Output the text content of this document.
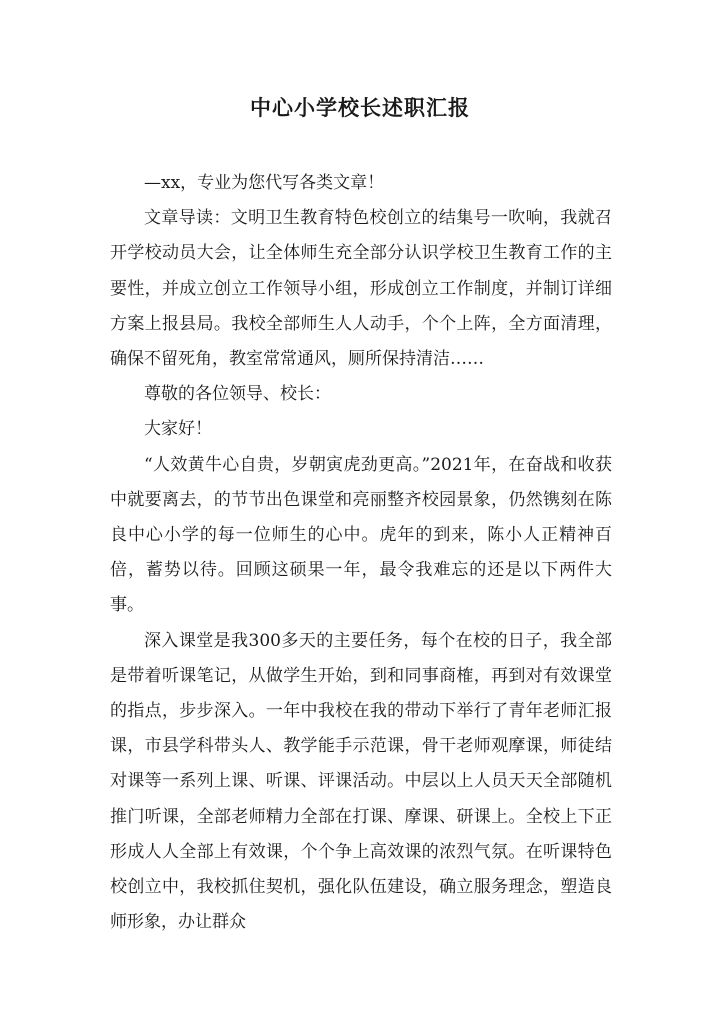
中心小学校长述职汇报

—xx，专业为您代写各类文章！

文章导读：文明卫生教育特色校创立的结集号一吹响，我就召开学校动员大会，让全体师生充全部分认识学校卫生教育工作的主要性，并成立创立工作领导小组，形成创立工作制度，并制订详细方案上报县局。我校全部师生人人动手，个个上阵，全方面清理，确保不留死角，教室常常通风，厕所保持清洁……

尊敬的各位领导、校长：

大家好！

“人效黄牛心自贵，岁朝寅虎劲更高。”2021年，在奋战和收获中就要离去，的节节出色课堂和亮丽整齐校园景象，仍然镌刻在陈良中心小学的每一位师生的心中。虎年的到来，陈小人正精神百倍，蓄势以待。回顾这硕果一年，最令我难忘的还是以下两件大事。

深入课堂是我300多天的主要任务，每个在校的日子，我全部是带着听课笔记，从做学生开始，到和同事商榷，再到对有效课堂的指点，步步深入。一年中我校在我的带动下举行了青年老师汇报课，市县学科带头人、教学能手示范课，骨干老师观摩课，师徒结对课等一系列上课、听课、评课活动。中层以上人员天天全部随机推门听课，全部老师精力全部在打课、摩课、研课上。全校上下正形成人人全部上有效课，个个争上高效课的浓烈气氛。在听课特色校创立中，我校抓住契机，强化队伍建设，确立服务理念，塑造良师形象，办让群众
